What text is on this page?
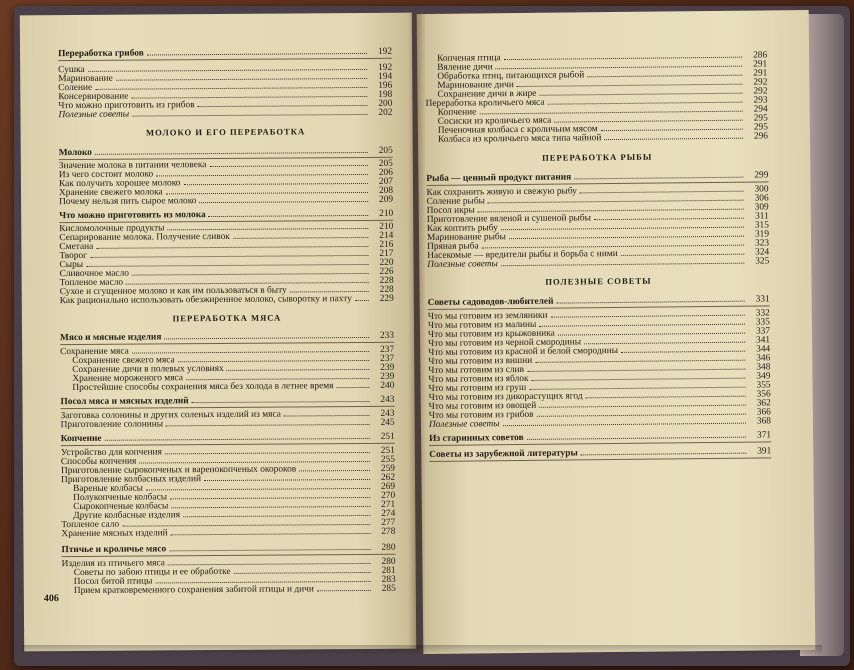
406
МОЛОКО И ЕГО ПЕРЕРАБОТКА
ПЕРЕРАБОТКА МЯСА
Переработка грибов	192
Сушка	192
Маринование	194
Соление	196
Консервирование	198
Что можно приготовить из грибов	200
Полезные советы	202
Молоко	205
Значение молока в питании человека	205
Из чего состоит молоко	206
Как получить хорошее молоко	207
Хранение свежего молока	208
Почему нельзя пить сырое молоко	209
Что можно приготовить из молока	210
Кисломолочные продукты	210
Сепарирование молока. Получение сливок	214
Сметана	216
Творог	217
Сыры	220
Сливочное масло	226
Топленое масло	228
Сухое и сгущенное молоко и как им пользоваться в быту	228
Как рационально использовать обезжиренное молоко, сыворотку и пахту	229
Мясо и мясные изделия	233
Сохранение мяса	237
Сохранение свежего мяса	237
Сохранение дичи в полевых условиях	239
Хранение мороженого мяса	239
Простейшие способы сохранения мяса без холода в летнее время	240
Посол мяса и мясных изделий	243
Заготовка солонины и других соленых изделий из мяса	243
Приготовление солонины	245
Копчение	251
Устройство для копчения	251
Способы копчения	255
Приготовление сырокопченых и варенокопченых окороков	259
Приготовление колбасных изделий	262
Вареные колбасы	269
Полукопченые колбасы	270
Сырокопченые колбасы	271
Другие колбасные изделия	274
Топленое сало	277
Хранение мясных изделий	278
Птичье и кроличье мясо	280
Изделия из птичьего мяса	280
Советы по забою птицы и ее обработке	281
Посол битой птицы	283
Прием кратковременного сохранения забитой птицы и дичи	285
ПЕРЕРАБОТКА РЫБЫ
ПОЛЕЗНЫЕ СОВЕТЫ
Копченая птица	286
Вяление дичи	291
Обработка птиц, питающихся рыбой	291
Маринование дичи	292
Сохранение дичи в жире	292
Переработка кроличьего мяса	293
Копчение	294
Сосиски из кроличьего мяса	295
Печеночная колбаса с кроличьим мясом	295
Колбаса из кроличьего мяса типа чайной	296
Рыба — ценный продукт питания	299
Как сохранить живую и свежую рыбу	300
Соление рыбы	306
Посол икры	309
Приготовление вяленой и сушеной рыбы	311
Как коптить рыбу	315
Маринование рыбы	319
Пряная рыба	323
Насекомые — вредители рыбы и борьба с ними	324
Полезные советы	325
Советы садоводов-любителей	331
Что мы готовим из земляники	332
Что мы готовим из малины	335
Что мы готовим из крыжовника	337
Что мы готовим из черной смородины	341
Что мы готовим из красной и белой смородины	344
Что мы готовим из вишни	346
Что мы готовим из слив	348
Что мы готовим из яблок	349
Что мы готовим из груш	355
Что мы готовим из дикорастущих ягод	356
Что мы готовим из овощей	362
Что мы готовим из грибов	366
Полезные советы	368
Из старинных советов	371
Советы из зарубежной литературы	391
